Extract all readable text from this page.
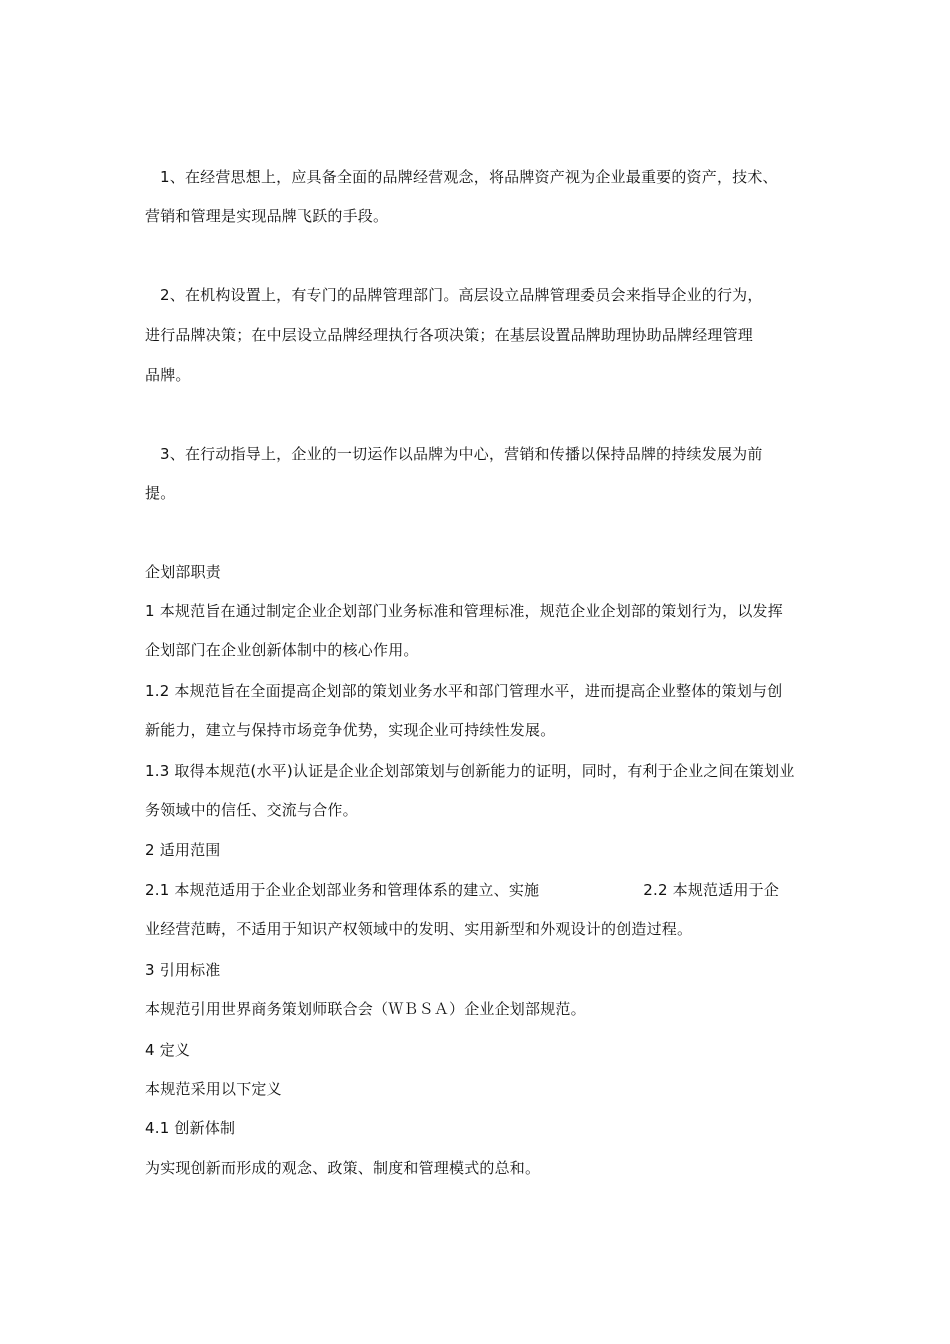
1、在经营思想上，应具备全面的品牌经营观念，将品牌资产视为企业最重要的资产，技术、
营销和管理是实现品牌飞跃的手段。
2、在机构设置上，有专门的品牌管理部门。高层设立品牌管理委员会来指导企业的行为，
进行品牌决策；在中层设立品牌经理执行各项决策；在基层设置品牌助理协助品牌经理管理
品牌。
3、在行动指导上，企业的一切运作以品牌为中心，营销和传播以保持品牌的持续发展为前
提。
企划部职责
1 本规范旨在通过制定企业企划部门业务标准和管理标准，规范企业企划部的策划行为，以发挥
企划部门在企业创新体制中的核心作用。
1.2 本规范旨在全面提高企划部的策划业务水平和部门管理水平，进而提高企业整体的策划与创
新能力，建立与保持市场竞争优势，实现企业可持续性发展。
1.3 取得本规范(水平)认证是企业企划部策划与创新能力的证明，同时，有利于企业之间在策划业
务领域中的信任、交流与合作。
2 适用范围
2.1 本规范适用于企业企划部业务和管理体系的建立、实施	2.2 本规范适用于企
业经营范畴，不适用于知识产权领域中的发明、实用新型和外观设计的创造过程。
3 引用标准
本规范引用世界商务策划师联合会（ＷＢＳＡ）企业企划部规范。
4 定义
本规范采用以下定义
4.1 创新体制
为实现创新而形成的观念、政策、制度和管理模式的总和。
